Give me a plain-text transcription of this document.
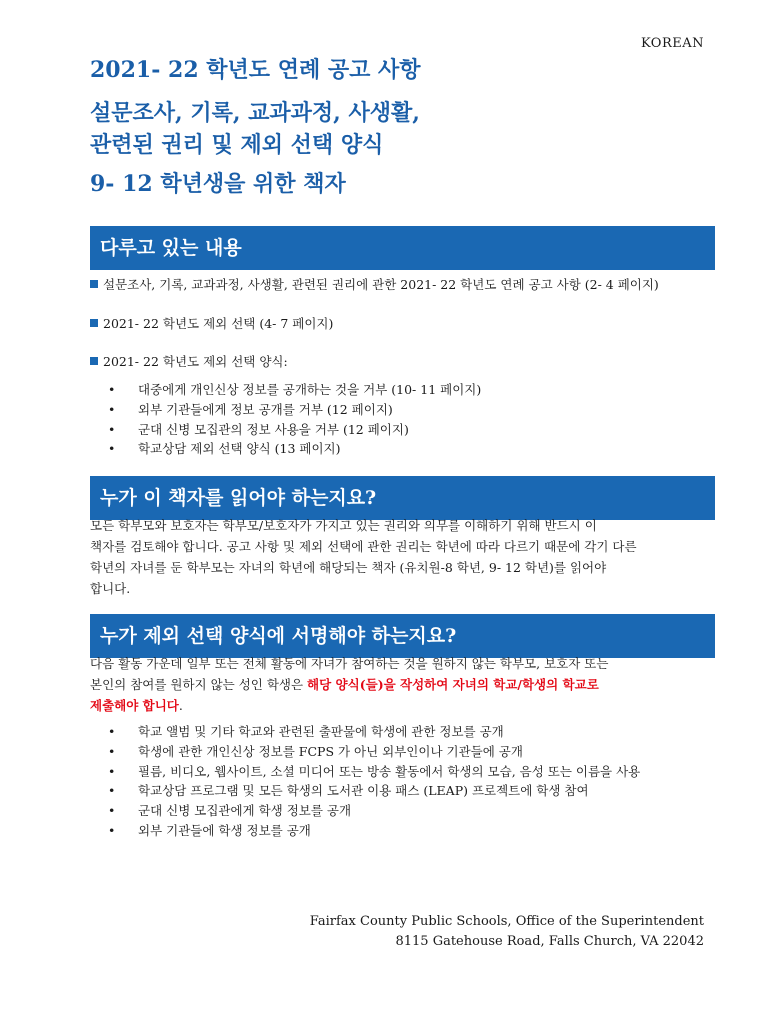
KOREAN
2021- 22 학년도 연례 공고 사항
설문조사, 기록, 교과과정, 사생활,
관련된 권리 및 제외 선택 양식
9- 12 학년생을 위한 책자
다루고 있는 내용
설문조사, 기록, 교과과정, 사생활, 관련된 권리에 관한 2021- 22 학년도 연례 공고 사항 (2- 4 페이지)
2021- 22 학년도 제외 선택 (4- 7 페이지)
2021- 22 학년도 제외 선택 양식:
•	대중에게 개인신상 정보를 공개하는 것을 거부 (10- 11 페이지)
•	외부 기관들에게 정보 공개를 거부 (12 페이지)
•	군대 신병 모집관의 정보 사용을 거부 (12 페이지)
•	학교상담 제외 선택 양식 (13 페이지)
누가 이 책자를 읽어야 하는지요?
모든 학부모와 보호자는 학부모/보호자가 가지고 있는 권리와 의무를 이해하기 위해 반드시 이
책자를 검토해야 합니다. 공고 사항 및 제외 선택에 관한 권리는 학년에 따라 다르기 때문에 각기 다른
학년의 자녀를 둔 학부모는 자녀의 학년에 해당되는 책자 (유치원-8 학년, 9- 12 학년)를 읽어야
합니다.
누가 제외 선택 양식에 서명해야 하는지요?
다음 활동 가운데 일부 또는 전체 활동에 자녀가 참여하는 것을 원하지 않는 학부모, 보호자 또는
본인의 참여를 원하지 않는 성인 학생은 해당 양식(들)을 작성하여 자녀의 학교/학생의 학교로
제출해야 합니다.
•	학교 앨범 및 기타 학교와 관련된 출판물에 학생에 관한 정보를 공개
•	학생에 관한 개인신상 정보를 FCPS 가 아닌 외부인이나 기관들에 공개
•	필름, 비디오, 웹사이트, 소셜 미디어 또는 방송 활동에서 학생의 모습, 음성 또는 이름을 사용
•	학교상담 프로그램 및 모든 학생의 도서관 이용 패스 (LEAP) 프로젝트에 학생 참여
•	군대 신병 모집관에게 학생 정보를 공개
•	외부 기관들에 학생 정보를 공개
Fairfax County Public Schools, Office of the Superintendent
8115 Gatehouse Road, Falls Church, VA 22042
